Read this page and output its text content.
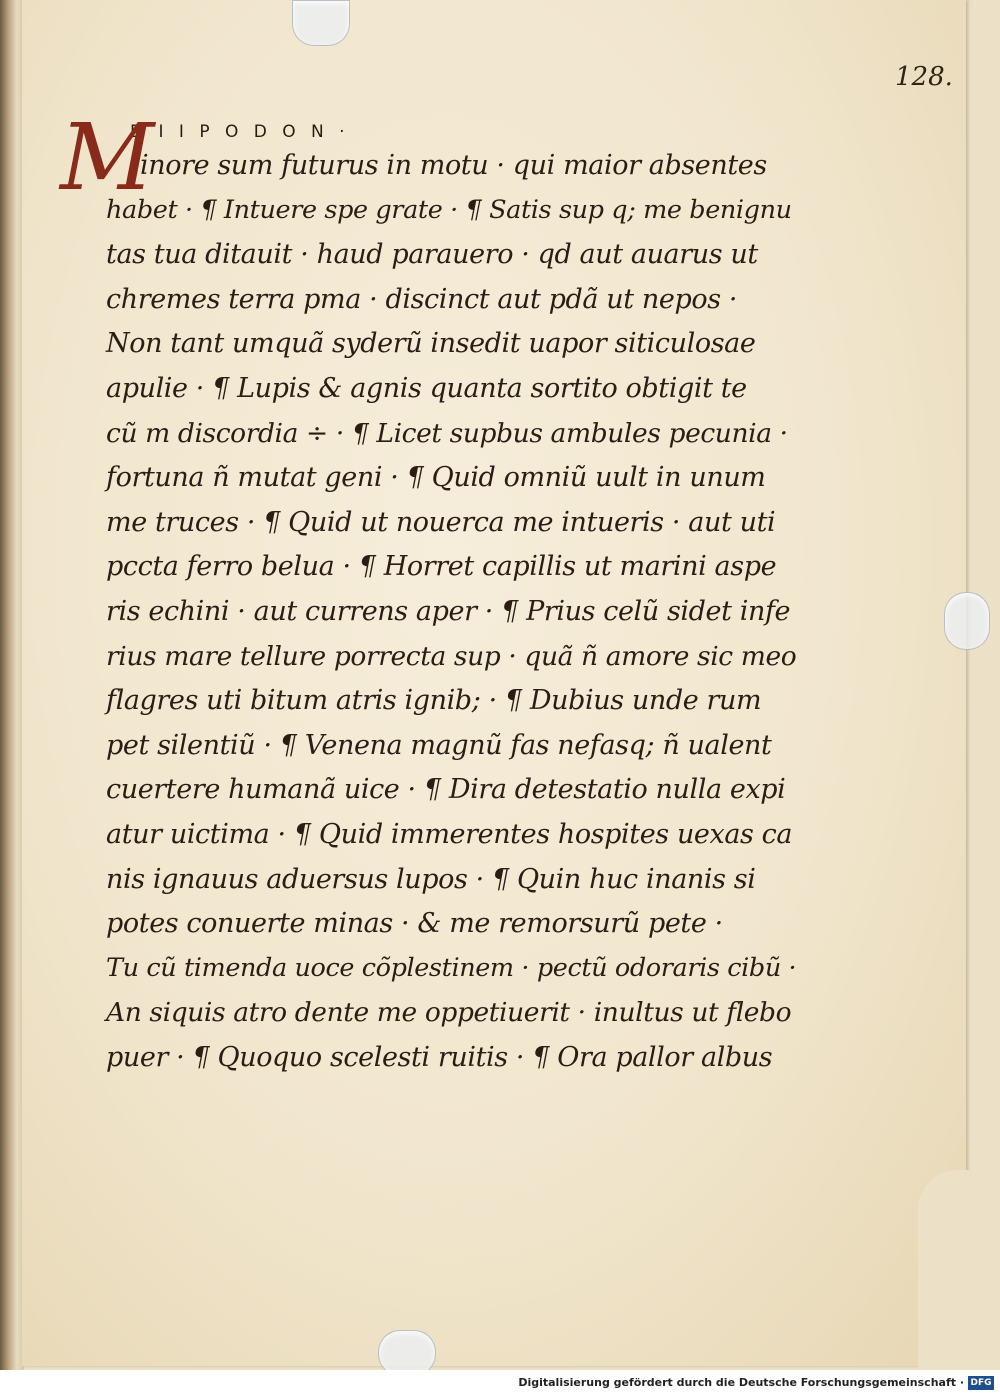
128.
D I I P O D O N ·
M
inore sum futurus in motu · qui maior absentes
habet · ¶ Intuere spe grate · ¶ Satis sup q; me benignu
tas tua ditauit · haud parauero · qd aut auarus ut
chremes terra pma · discinct aut pdã ut nepos ·
Non tant umquã syderũ insedit uapor siticulosae
apulie · ¶ Lupis & agnis quanta sortito obtigit te
cũ m discordia ÷ · ¶ Licet supbus ambules pecunia ·
fortuna ñ mutat geni · ¶ Quid omniũ uult in unum
me truces · ¶ Quid ut nouerca me intueris · aut uti
pccta ferro belua · ¶ Horret capillis ut marini aspe
ris echini · aut currens aper · ¶ Prius celũ sidet infe
rius mare tellure porrecta sup · quã ñ amore sic meo
flagres uti bitum atris ignib; · ¶ Dubius unde rum
pet silentiũ · ¶ Venena magnũ fas nefasq; ñ ualent
cuertere humanã uice · ¶ Dira detestatio nulla expi
atur uictima · ¶ Quid immerentes hospites uexas ca
nis ignauus aduersus lupos · ¶ Quin huc inanis si
potes conuerte minas · & me remorsurũ pete ·
Tu cũ timenda uoce cõplestinem · pectũ odoraris cibũ ·
An siquis atro dente me oppetiuerit · inultus ut flebo
puer · ¶ Quoquo scelesti ruitis · ¶ Ora pallor albus
Digitalisierung gefördert durch die Deutsche Forschungsgemeinschaft · DFG
